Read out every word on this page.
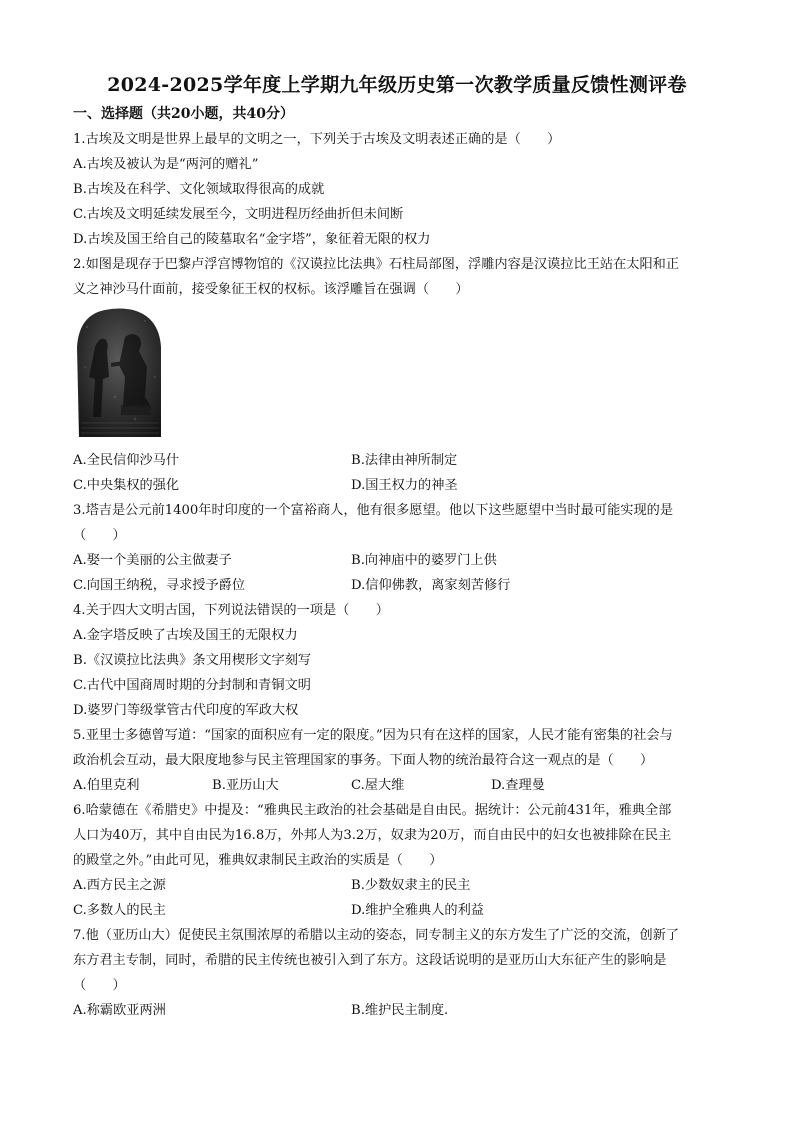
2024-2025学年度上学期九年级历史第一次教学质量反馈性测评卷
一、选择题（共20小题，共40分）
1.古埃及文明是世界上最早的文明之一，下列关于古埃及文明表述正确的是（　　）
A.古埃及被认为是“两河的赠礼”
B.古埃及在科学、文化领域取得很高的成就
C.古埃及文明延续发展至今，文明进程历经曲折但未间断
D.古埃及国王给自己的陵墓取名“金字塔”，象征着无限的权力
2.如图是现存于巴黎卢浮宫博物馆的《汉谟拉比法典》石柱局部图，浮雕内容是汉谟拉比王站在太阳和正
义之神沙马什面前，接受象征王权的权标。该浮雕旨在强调（　　）
A.全民信仰沙马什	B.法律由神所制定
C.中央集权的强化	D.国王权力的神圣
3.塔吉是公元前1400年时印度的一个富裕商人，他有很多愿望。他以下这些愿望中当时最可能实现的是
（　　）
A.娶一个美丽的公主做妻子	B.向神庙中的婆罗门上供
C.向国王纳税，寻求授予爵位	D.信仰佛教，离家刻苦修行
4.关于四大文明古国，下列说法错误的一项是（　　）
A.金字塔反映了古埃及国王的无限权力
B.《汉谟拉比法典》条文用楔形文字刻写
C.古代中国商周时期的分封制和青铜文明
D.婆罗门等级掌管古代印度的军政大权
5.亚里士多德曾写道：“国家的面积应有一定的限度。”因为只有在这样的国家，人民才能有密集的社会与
政治机会互动，最大限度地参与民主管理国家的事务。下面人物的统治最符合这一观点的是（　　）
A.伯里克利	B.亚历山大	C.屋大维	D.查理曼
6.哈蒙德在《希腊史》中提及：“雅典民主政治的社会基础是自由民。据统计：公元前431年，雅典全部
人口为40万，其中自由民为16.8万，外邦人为3.2万，奴隶为20万，而自由民中的妇女也被排除在民主
的殿堂之外。”由此可见，雅典奴隶制民主政治的实质是（　　）
A.西方民主之源	B.少数奴隶主的民主
C.多数人的民主	D.维护全雅典人的利益
7.他（亚历山大）促使民主氛围浓厚的希腊以主动的姿态，同专制主义的东方发生了广泛的交流，创新了
东方君主专制，同时，希腊的民主传统也被引入到了东方。这段话说明的是亚历山大东征产生的影响是
（　　）
A.称霸欧亚两洲	B.维护民主制度.
